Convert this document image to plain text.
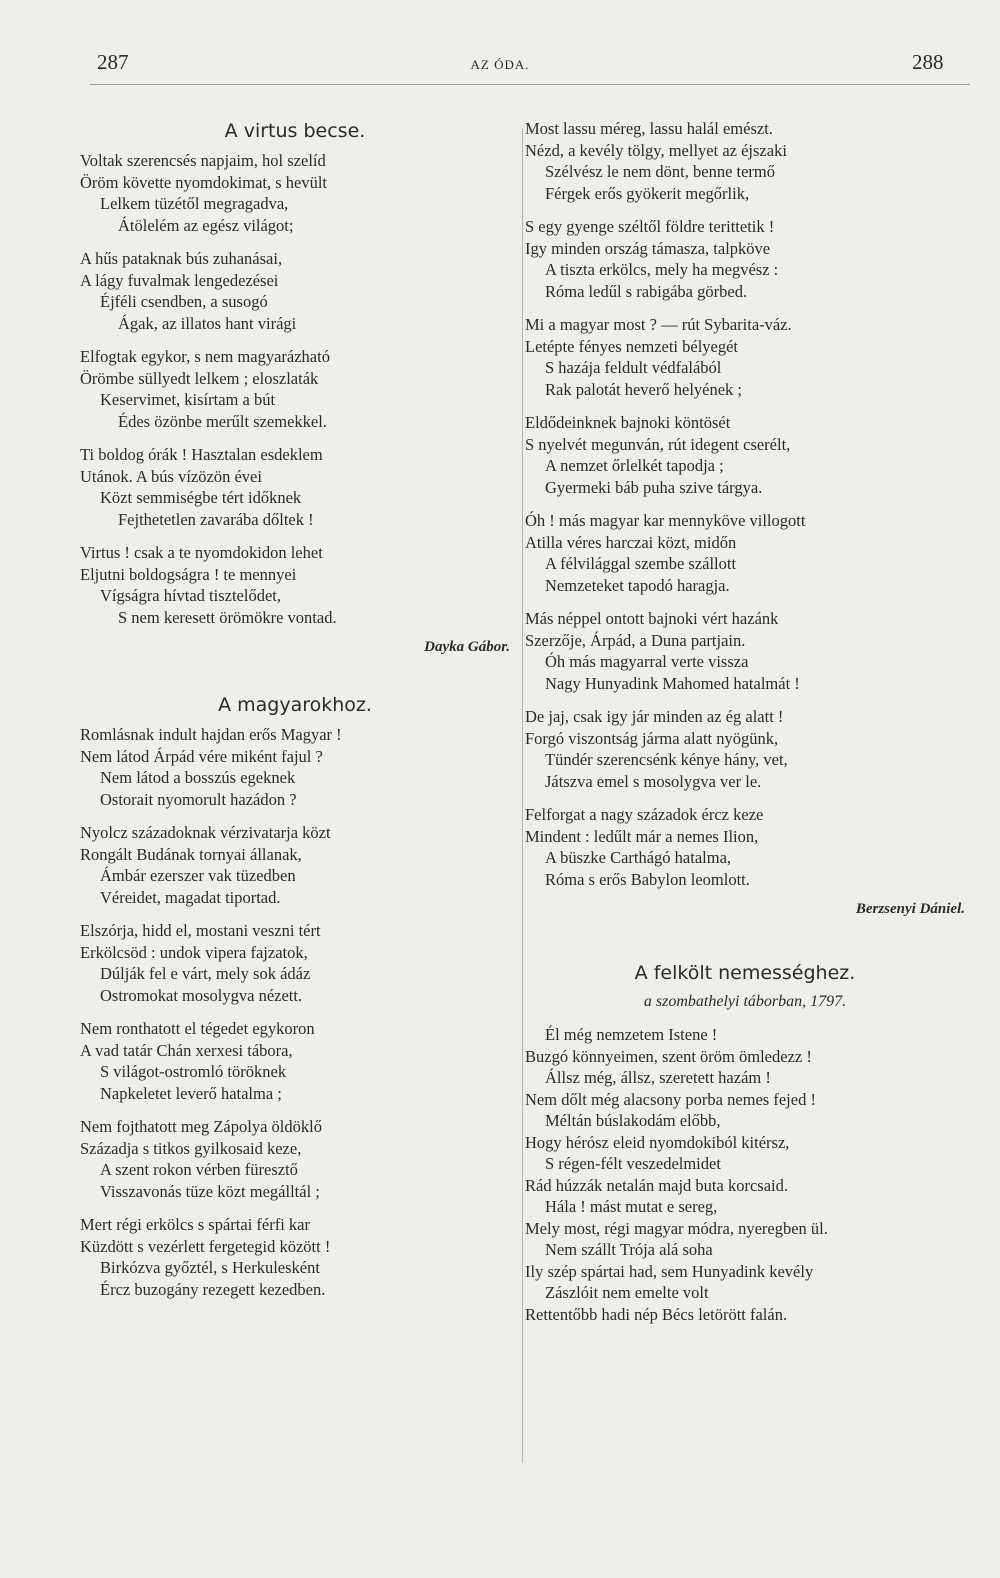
287	AZ ÓDA.	288
A virtus becse.
Voltak szerencsés napjaim, hol szelíd
Öröm követte nyomdokimat, s hevült
Lelkem tüzétől megragadva,
Átölelém az egész világot;
A hűs pataknak bús zuhanásai,
A lágy fuvalmak lengedezései
Éjféli csendben, a susogó
Ágak, az illatos hant virági
Elfogtak egykor, s nem magyarázható
Örömbe süllyedt lelkem ; eloszlaták
Keservimet, kisírtam a bút
Édes özönbe merűlt szemekkel.
Ti boldog órák ! Hasztalan esdeklem
Utánok. A bús vízözön évei
Közt semmiségbe tért időknek
Fejthetetlen zavarába dőltek !
Virtus ! csak a te nyomdokidon lehet
Eljutni boldogságra ! te mennyei
Vígságra hívtad tisztelődet,
S nem keresett örömökre vontad.
Dayka Gábor.
A magyarokhoz.
Romlásnak indult hajdan erős Magyar !
Nem látod Árpád vére miként fajul ?
Nem látod a bosszús egeknek
Ostorait nyomorult hazádon ?
Nyolcz századoknak vérzivatarja közt
Rongált Budának tornyai állanak,
Ámbár ezerszer vak tüzedben
Véreidet, magadat tiportad.
Elszórja, hidd el, mostani veszni tért
Erkölcsöd : undok vipera fajzatok,
Dúlják fel e várt, mely sok ádáz
Ostromokat mosolygva nézett.
Nem ronthatott el tégedet egykoron
A vad tatár Chán xerxesi tábora,
S világot-ostromló töröknek
Napkeletet leverő hatalma ;
Nem fojthatott meg Zápolya öldöklő
Századja s titkos gyilkosaid keze,
A szent rokon vérben füresztő
Visszavonás tüze közt megálltál ;
Mert régi erkölcs s spártai férfi kar
Küzdött s vezérlett fergetegid között !
Birkózva győztél, s Herkulesként
Ércz buzogány rezegett kezedben.
Most lassu méreg, lassu halál emészt.
Nézd, a kevély tölgy, mellyet az éjszaki
Szélvész le nem dönt, benne termő
Férgek erős gyökerit megőrlik,
S egy gyenge széltől földre terittetik !
Igy minden ország támasza, talpköve
A tiszta erkölcs, mely ha megvész :
Róma ledűl s rabigába görbed.
Mi a magyar most ? — rút Sybarita-váz.
Letépte fényes nemzeti bélyegét
S hazája feldult védfalából
Rak palotát heverő helyének ;
Eldődeinknek bajnoki köntösét
S nyelvét megunván, rút idegent cserélt,
A nemzet őrlelkét tapodja ;
Gyermeki báb puha szive tárgya.
Óh ! más magyar kar mennyköve villogott
Atilla véres harczai közt, midőn
A félvilággal szembe szállott
Nemzeteket tapodó haragja.
Más néppel ontott bajnoki vért hazánk
Szerzője, Árpád, a Duna partjain.
Óh más magyarral verte vissza
Nagy Hunyadink Mahomed hatalmát !
De jaj, csak igy jár minden az ég alatt !
Forgó viszontság járma alatt nyögünk,
Tündér szerencsénk kénye hány, vet,
Játszva emel s mosolygva ver le.
Felforgat a nagy századok ércz keze
Mindent : ledűlt már a nemes Ilion,
A büszke Carthágó hatalma,
Róma s erős Babylon leomlott.
Berzsenyi Dániel.
A felkölt nemességhez.
a szombathelyi táborban, 1797.
Él még nemzetem Istene !
Buzgó könnyeimen, szent öröm ömledezz !
Állsz még, állsz, szeretett hazám !
Nem dőlt még alacsony porba nemes fejed !
Méltán búslakodám előbb,
Hogy hérósz eleid nyomdokiból kitérsz,
S régen-félt veszedelmidet
Rád húzzák netalán majd buta korcsaid.
Hála ! mást mutat e sereg,
Mely most, régi magyar módra, nyeregben ül.
Nem szállt Trója alá soha
Ily szép spártai had, sem Hunyadink kevély
Zászlóit nem emelte volt
Rettentőbb hadi nép Bécs letörött falán.
